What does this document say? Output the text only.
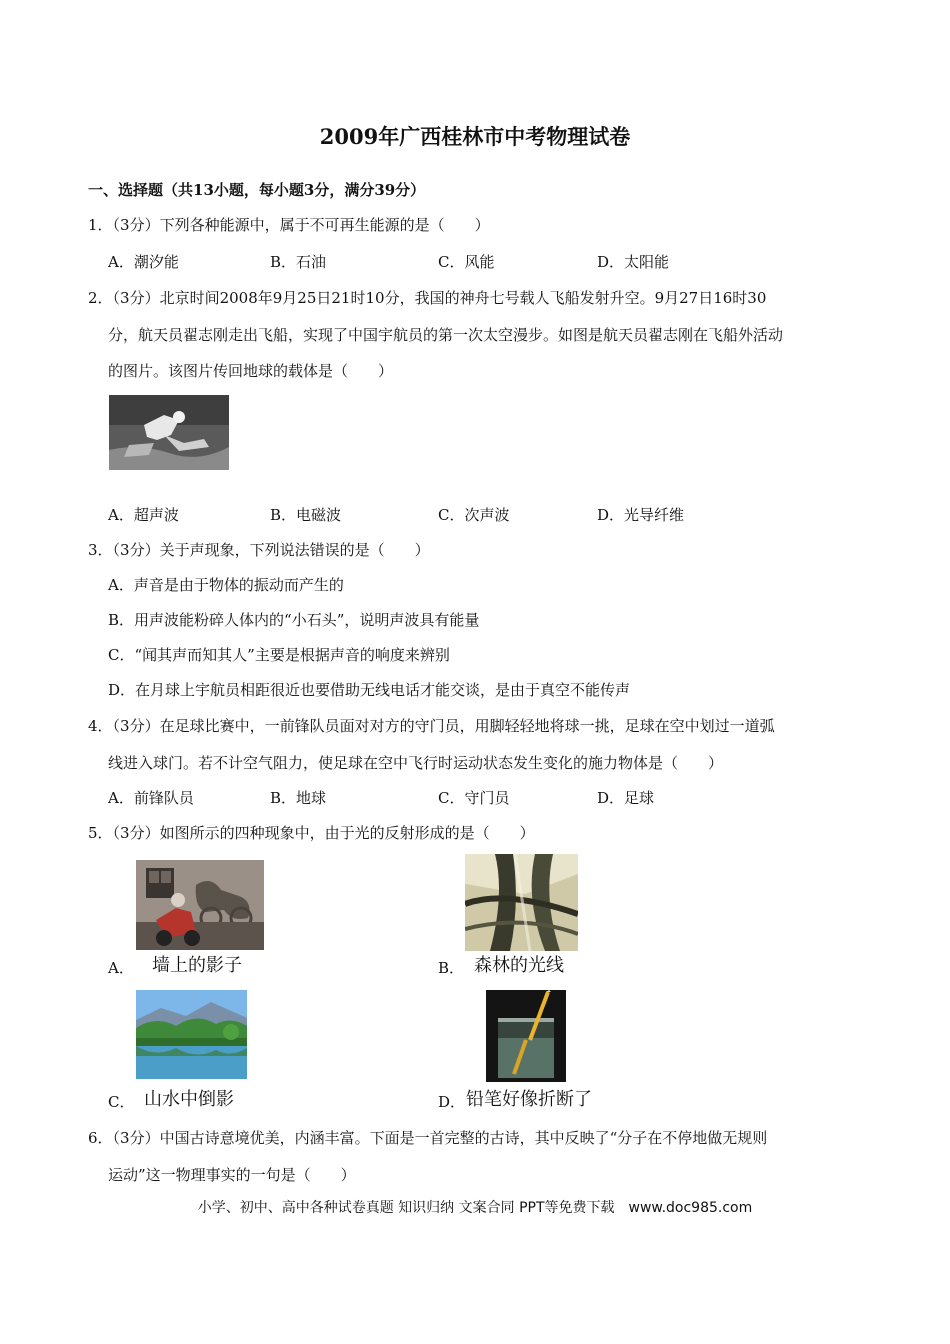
2009年广西桂林市中考物理试卷
一、选择题（共13小题，每小题3分，满分39分）
1．（3分）下列各种能源中，属于不可再生能源的是（　　）
A．潮汐能	B．石油	C．风能	D．太阳能
2．（3分）北京时间2008年9月25日21时10分，我国的神舟七号载人飞船发射升空。9月27日16时30
分，航天员翟志刚走出飞船，实现了中国宇航员的第一次太空漫步。如图是航天员翟志刚在飞船外活动
的图片。该图片传回地球的载体是（　　）
A．超声波	B．电磁波	C．次声波	D．光导纤维
3．（3分）关于声现象，下列说法错误的是（　　）
A．声音是由于物体的振动而产生的
B．用声波能粉碎人体内的“小石头”，说明声波具有能量
C．“闻其声而知其人”主要是根据声音的响度来辨别
D．在月球上宇航员相距很近也要借助无线电话才能交谈，是由于真空不能传声
4．（3分）在足球比赛中，一前锋队员面对对方的守门员，用脚轻轻地将球一挑，足球在空中划过一道弧
线进入球门。若不计空气阻力，使足球在空中飞行时运动状态发生变化的施力物体是（　　）
A．前锋队员	B．地球	C．守门员	D．足球
5．（3分）如图所示的四种现象中，由于光的反射形成的是（　　）
A． 墙上的影子	B． 森林的光线
C． 山水中倒影	D． 铅笔好像折断了
6．（3分）中国古诗意境优美，内涵丰富。下面是一首完整的古诗，其中反映了“分子在不停地做无规则
运动”这一物理事实的一句是（　　）
小学、初中、高中各种试卷真题 知识归纳 文案合同 PPT等免费下载　www.doc985.com
